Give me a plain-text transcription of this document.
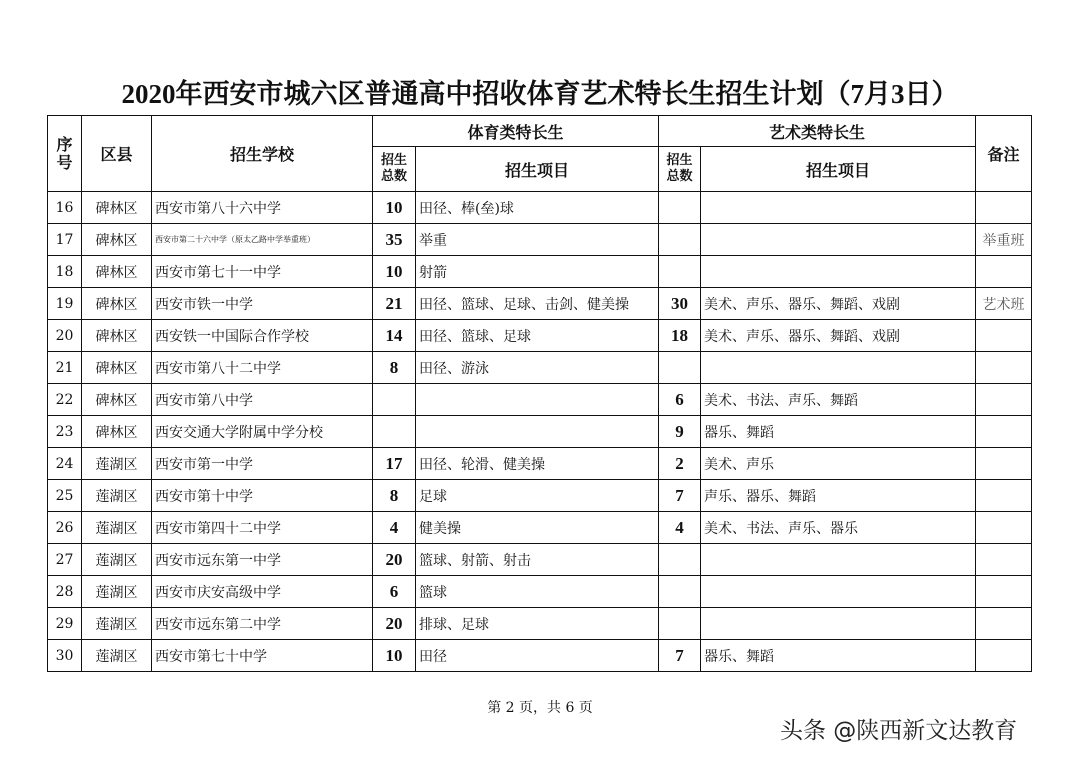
2020年西安市城六区普通高中招收体育艺术特长生招生计划（7月3日）
序号	区县	招生学校	体育类特长生		艺术类特长生		备注
			招生总数	招生项目	招生总数	招生项目	
16	碑林区	西安市第八十六中学	10	田径、棒(垒)球			
17	碑林区	西安市第二十六中学（原太乙路中学举重班）	35	举重			举重班
18	碑林区	西安市第七十一中学	10	射箭			
19	碑林区	西安市铁一中学	21	田径、篮球、足球、击剑、健美操	30	美术、声乐、器乐、舞蹈、戏剧	艺术班
20	碑林区	西安铁一中国际合作学校	14	田径、篮球、足球	18	美术、声乐、器乐、舞蹈、戏剧	
21	碑林区	西安市第八十二中学	8	田径、游泳			
22	碑林区	西安市第八中学			6	美术、书法、声乐、舞蹈	
23	碑林区	西安交通大学附属中学分校			9	器乐、舞蹈	
24	莲湖区	西安市第一中学	17	田径、轮滑、健美操	2	美术、声乐	
25	莲湖区	西安市第十中学	8	足球	7	声乐、器乐、舞蹈	
26	莲湖区	西安市第四十二中学	4	健美操	4	美术、书法、声乐、器乐	
27	莲湖区	西安市远东第一中学	20	篮球、射箭、射击			
28	莲湖区	西安市庆安高级中学	6	篮球			
29	莲湖区	西安市远东第二中学	20	排球、足球			
30	莲湖区	西安市第七十中学	10	田径	7	器乐、舞蹈	
第 2 页，共 6 页
头条 @陕西新文达教育
